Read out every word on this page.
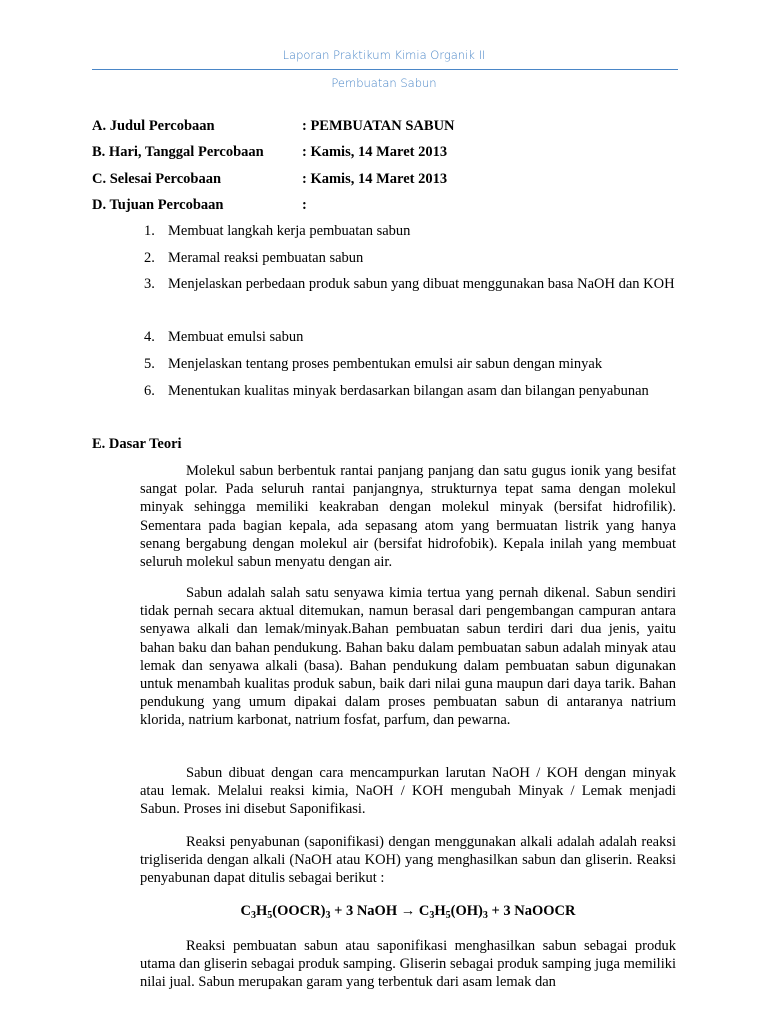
Laporan Praktikum Kimia Organik II
Pembuatan Sabun
A. Judul Percobaan	: PEMBUATAN SABUN
B. Hari, Tanggal Percobaan	: Kamis, 14 Maret 2013
C. Selesai Percobaan	: Kamis, 14 Maret 2013
D. Tujuan Percobaan	:
1. Membuat langkah kerja pembuatan sabun
2. Meramal reaksi pembuatan sabun
3. Menjelaskan perbedaan produk sabun yang dibuat menggunakan basa NaOH dan KOH
4. Membuat emulsi sabun
5. Menjelaskan tentang proses pembentukan emulsi air sabun dengan minyak
6. Menentukan kualitas minyak berdasarkan bilangan asam dan bilangan penyabunan
E. Dasar Teori

Molekul sabun berbentuk rantai panjang panjang dan satu gugus ionik yang besifat sangat polar. Pada seluruh rantai panjangnya, strukturnya tepat sama dengan molekul minyak sehingga memiliki keakraban dengan molekul minyak (bersifat hidrofilik). Sementara pada bagian kepala, ada sepasang atom yang bermuatan listrik yang hanya senang bergabung dengan molekul air (bersifat hidrofobik). Kepala inilah yang membuat seluruh molekul sabun menyatu dengan air.

Sabun adalah salah satu senyawa kimia tertua yang pernah dikenal. Sabun sendiri tidak pernah secara aktual ditemukan, namun berasal dari pengembangan campuran antara senyawa alkali dan lemak/minyak.Bahan pembuatan sabun terdiri dari dua jenis, yaitu bahan baku dan bahan pendukung. Bahan baku dalam pembuatan sabun adalah minyak atau lemak dan senyawa alkali (basa). Bahan pendukung dalam pembuatan sabun digunakan untuk menambah kualitas produk sabun, baik dari nilai guna maupun dari daya tarik. Bahan pendukung yang umum dipakai dalam proses pembuatan sabun di antaranya natrium klorida, natrium karbonat, natrium fosfat, parfum, dan pewarna.

Sabun dibuat dengan cara mencampurkan larutan NaOH / KOH dengan minyak atau lemak. Melalui reaksi kimia, NaOH / KOH mengubah Minyak / Lemak menjadi Sabun. Proses ini disebut Saponifikasi.

Reaksi penyabunan (saponifikasi) dengan menggunakan alkali adalah adalah reaksi trigliserida dengan alkali (NaOH atau KOH) yang menghasilkan sabun dan gliserin. Reaksi penyabunan dapat ditulis sebagai berikut :

$C_3H_5(OOCR)_3 + 3$ NaOH → $C_3H_5(OH)_3 + 3$ NaOOCR

Reaksi pembuatan sabun atau saponifikasi menghasilkan sabun sebagai produk utama dan gliserin sebagai produk samping. Gliserin sebagai produk samping juga memiliki nilai jual. Sabun merupakan garam yang terbentuk dari asam lemak dan
